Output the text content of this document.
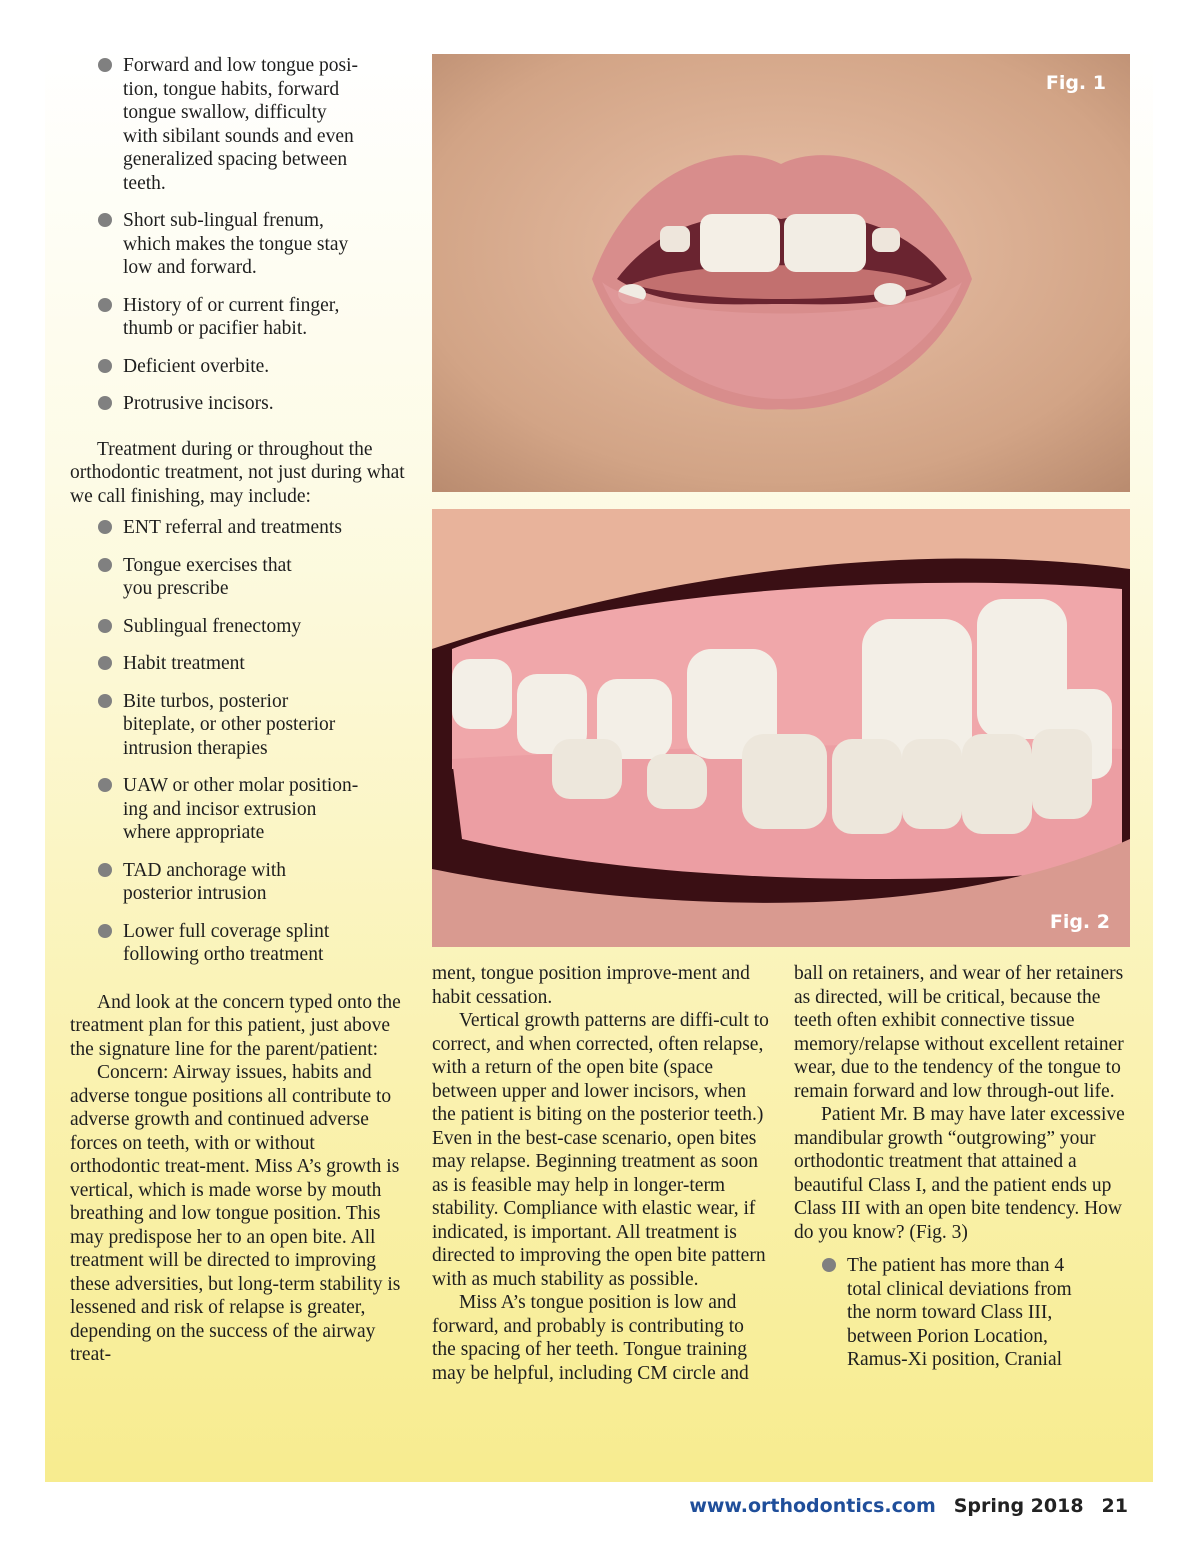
Forward and low tongue posi-
tion, tongue habits, forward
tongue swallow, difficulty
with sibilant sounds and even
generalized spacing between
teeth.
Short sub-lingual frenum,
which makes the tongue stay
low and forward.
History of or current finger,
thumb or pacifier habit.
Deficient overbite.
Protrusive incisors.

Treatment during or throughout the orthodontic treatment, not just during what we call finishing, may include:

ENT referral and treatments
Tongue exercises that
you prescribe
Sublingual frenectomy
Habit treatment
Bite turbos, posterior
biteplate, or other posterior
intrusion therapies
UAW or other molar position-
ing and incisor extrusion
where appropriate
TAD anchorage with
posterior intrusion
Lower full coverage splint
following ortho treatment

And look at the concern typed onto the treatment plan for this patient, just above the signature line for the parent/patient:

Concern: Airway issues, habits and adverse tongue positions all contribute to adverse growth and continued adverse forces on teeth, with or without orthodontic treat-ment. Miss A’s growth is vertical, which is made worse by mouth breathing and low tongue position. This may predispose her to an open bite. All treatment will be directed to improving these adversities, but long-term stability is lessened and risk of relapse is greater, depending on the success of the airway treat-

Fig. 1
Fig. 2

ment, tongue position improve-ment and habit cessation.

Vertical growth patterns are diffi-cult to correct, and when corrected, often relapse, with a return of the open bite (space between upper and lower incisors, when the patient is biting on the posterior teeth.) Even in the best-case scenario, open bites may relapse. Beginning treatment as soon as is feasible may help in longer-term stability. Compliance with elastic wear, if indicated, is important. All treatment is directed to improving the open bite pattern with as much stability as possible.

Miss A’s tongue position is low and forward, and probably is contributing to the spacing of her teeth. Tongue training may be helpful, including CM circle and

ball on retainers, and wear of her retainers as directed, will be critical, because the teeth often exhibit connective tissue memory/relapse without excellent retainer wear, due to the tendency of the tongue to remain forward and low through-out life.

Patient Mr. B may have later excessive mandibular growth “outgrowing” your orthodontic treatment that attained a beautiful Class I, and the patient ends up Class III with an open bite tendency. How do you know? (Fig. 3)

The patient has more than 4
total clinical deviations from
the norm toward Class III,
between Porion Location,
Ramus-Xi position, Cranial
www.orthodontics.com Spring 2018 21
